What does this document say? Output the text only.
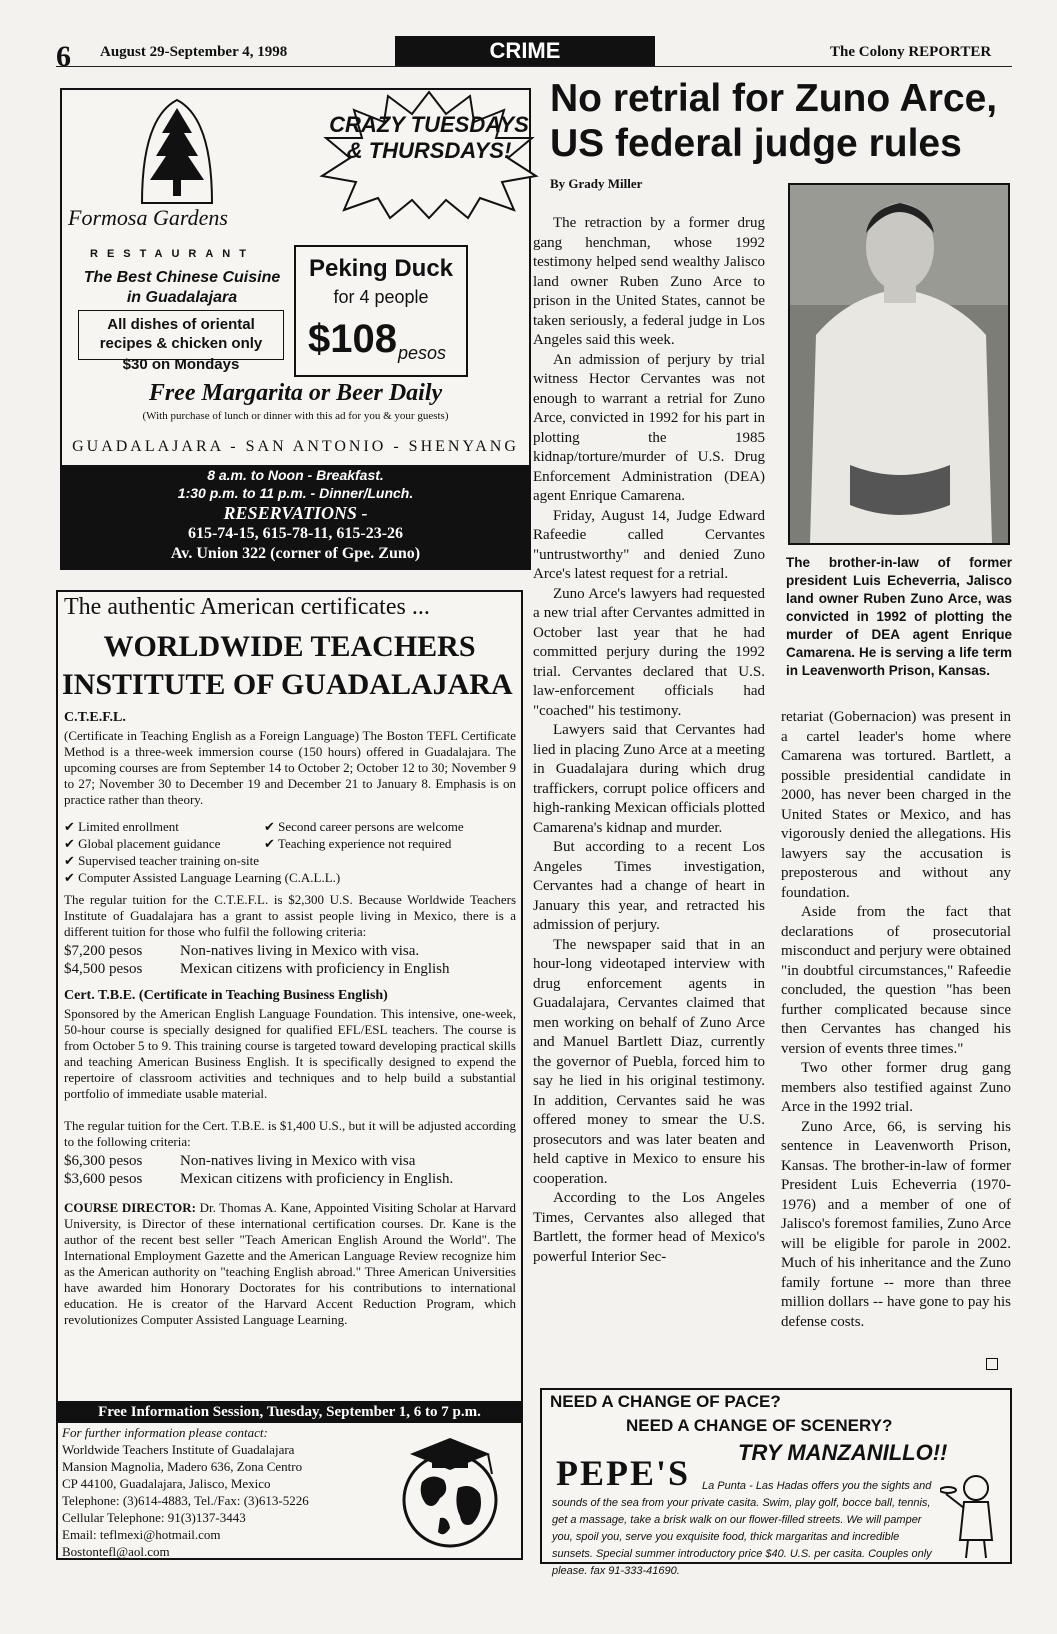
6 August 29-September 4, 1998	CRIME	The Colony REPORTER
Formosa Gardens
RESTAURANT
The Best Chinese Cuisine in Guadalajara
All dishes of oriental recipes & chicken only
$30 on Mondays
CRAZY TUESDAYS & THURSDAYS!
Peking Duck
for 4 people
$108 pesos
Free Margarita or Beer Daily
(With purchase of lunch or dinner with this ad for you & your guests)
GUADALAJARA - SAN ANTONIO - SHENYANG
8 a.m. to Noon - Breakfast.
1:30 p.m. to 11 p.m. - Dinner/Lunch.
RESERVATIONS -
615-74-15, 615-78-11, 615-23-26
Av. Union 322 (corner of Gpe. Zuno)
The authentic American certificates ...
WORLDWIDE TEACHERS
INSTITUTE OF GUADALAJARA
C.T.E.F.L.
(Certificate in Teaching English as a Foreign Language) The Boston TEFL Certificate Method is a three-week immersion course (150 hours) offered in Guadalajara. The upcoming courses are from September 14 to October 2; October 12 to 30; November 9 to 27; November 30 to December 19 and December 21 to January 8. Emphasis is on practice rather than theory.
✔ Limited enrollment	✔ Second career persons are welcome
✔ Global placement guidance	✔ Teaching experience not required
✔ Supervised teacher training on-site
✔ Computer Assisted Language Learning (C.A.L.L.)
The regular tuition for the C.T.E.F.L. is $2,300 U.S. Because Worldwide Teachers Institute of Guadalajara has a grant to assist people living in Mexico, there is a different tuition for those who fulfil the following criteria:
$7,200 pesos	Non-natives living in Mexico with visa.
$4,500 pesos	Mexican citizens with proficiency in English
Cert. T.B.E. (Certificate in Teaching Business English)
Sponsored by the American English Language Foundation. This intensive, one-week, 50-hour course is specially designed for qualified EFL/ESL teachers. The course is from October 5 to 9. This training course is targeted toward developing practical skills and teaching American Business English. It is specifically designed to expend the repertoire of classroom activities and techniques and to help build a substantial portfolio of immediate usable material.
The regular tuition for the Cert. T.B.E. is $1,400 U.S., but it will be adjusted according to the following criteria:
$6,300 pesos	Non-natives living in Mexico with visa
$3,600 pesos	Mexican citizens with proficiency in English.
COURSE DIRECTOR: Dr. Thomas A. Kane, Appointed Visiting Scholar at Harvard University, is Director of these international certification courses. Dr. Kane is the author of the recent best seller "Teach American English Around the World". The International Employment Gazette and the American Language Review recognize him as the American authority on "teaching English abroad." Three American Universities have awarded him Honorary Doctorates for his contributions to international education. He is creator of the Harvard Accent Reduction Program, which revolutionizes Computer Assisted Language Learning.
Free Information Session, Tuesday, September 1, 6 to 7 p.m.
For further information please contact:
Worldwide Teachers Institute of Guadalajara
Mansion Magnolia, Madero 636, Zona Centro
CP 44100, Guadalajara, Jalisco, Mexico
Telephone: (3)614-4883, Tel./Fax: (3)613-5226
Cellular Telephone: 91(3)137-3443
Email: teflmexi@hotmail.com
Bostontefl@aol.com
No retrial for Zuno Arce, US federal judge rules
By Grady Miller

The retraction by a former drug gang henchman, whose 1992 testimony helped send wealthy Jalisco land owner Ruben Zuno Arce to prison in the United States, cannot be taken seriously, a federal judge in Los Angeles said this week.

An admission of perjury by trial witness Hector Cervantes was not enough to warrant a retrial for Zuno Arce, convicted in 1992 for his part in plotting the 1985 kidnap/torture/murder of U.S. Drug Enforcement Administration (DEA) agent Enrique Camarena.

Friday, August 14, Judge Edward Rafeedie called Cervantes "untrustworthy" and denied Zuno Arce's latest request for a retrial.

Zuno Arce's lawyers had requested a new trial after Cervantes admitted in October last year that he had committed perjury during the 1992 trial. Cervantes declared that U.S. law-enforcement officials had "coached" his testimony.

Lawyers said that Cervantes had lied in placing Zuno Arce at a meeting in Guadalajara during which drug traffickers, corrupt police officers and high-ranking Mexican officials plotted Camarena's kidnap and murder.

But according to a recent Los Angeles Times investigation, Cervantes had a change of heart in January this year, and retracted his admission of perjury.

The newspaper said that in an hour-long videotaped interview with drug enforcement agents in Guadalajara, Cervantes claimed that men working on behalf of Zuno Arce and Manuel Bartlett Diaz, currently the governor of Puebla, forced him to say he lied in his original testimony. In addition, Cervantes said he was offered money to smear the U.S. prosecutors and was later beaten and held captive in Mexico to ensure his cooperation.

According to the Los Angeles Times, Cervantes also alleged that Bartlett, the former head of Mexico's powerful Interior Sec-

The brother-in-law of former president Luis Echeverria, Jalisco land owner Ruben Zuno Arce, was convicted in 1992 of plotting the murder of DEA agent Enrique Camarena. He is serving a life term in Leavenworth Prison, Kansas.

retariat (Gobernacion) was present in a cartel leader's home where Camarena was tortured. Bartlett, a possible presidential candidate in 2000, has never been charged in the United States or Mexico, and has vigorously denied the allegations. His lawyers say the accusation is preposterous and without any foundation.

Aside from the fact that declarations of prosecutorial misconduct and perjury were obtained "in doubtful circumstances," Rafeedie concluded, the question "has been further complicated because since then Cervantes has changed his version of events three times."

Two other former drug gang members also testified against Zuno Arce in the 1992 trial.

Zuno Arce, 66, is serving his sentence in Leavenworth Prison, Kansas. The brother-in-law of former President Luis Echeverria (1970-1976) and a member of one of Jalisco's foremost families, Zuno Arce will be eligible for parole in 2002. Much of his inheritance and the Zuno family fortune -- more than three million dollars -- have gone to pay his defense costs.

NEED A CHANGE OF PACE?
NEED A CHANGE OF SCENERY?
TRY MANZANILLO!!
PEPE'S	La Punta - Las Hadas offers you the sights and sounds of the sea from your private casita. Swim, play golf, bocce ball, tennis, get a massage, take a brisk walk on our flower-filled streets. We will pamper you, spoil you, serve you exquisite food, thick margaritas and incredible sunsets. Special summer introductory price $40. U.S. per casita. Couples only please. fax 91-333-41690.
